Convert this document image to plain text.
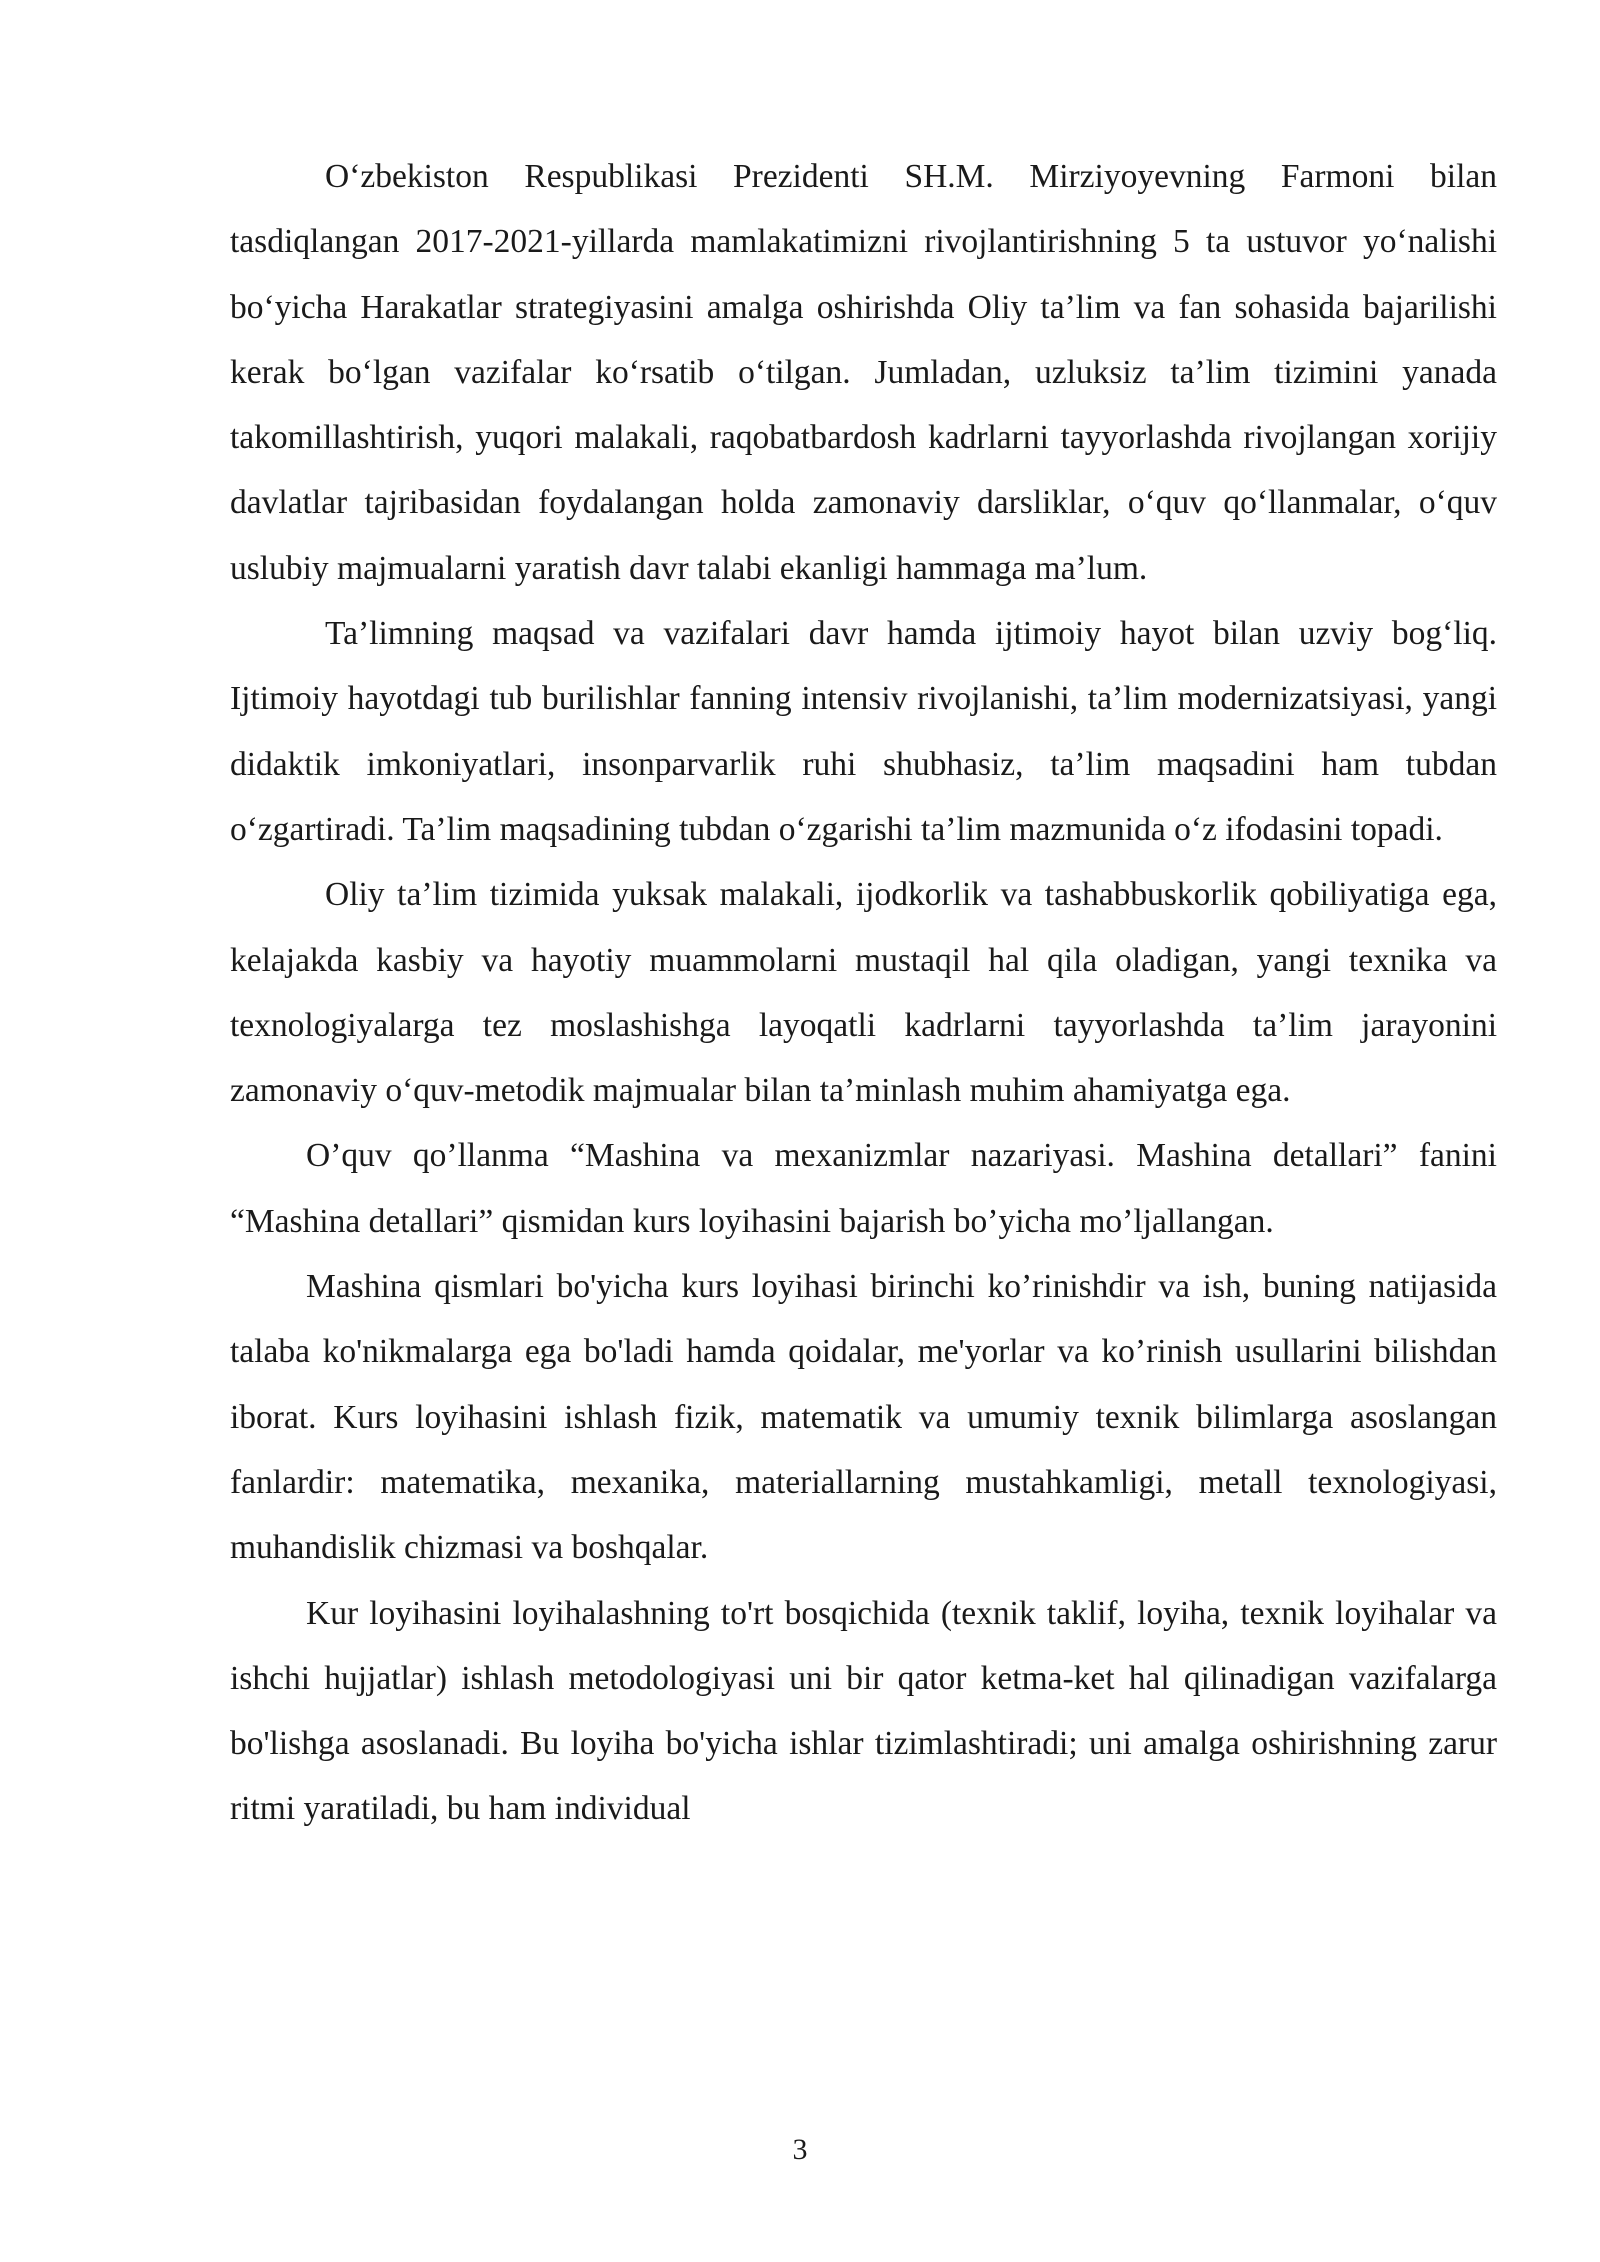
O‘zbekiston Respublikasi Prezidenti SH.M. Mirziyoyevning Farmoni bilan tasdiqlangan 2017-2021-yillarda mamlakatimizni rivojlantirishning 5 ta ustuvor yo‘nalishi bo‘yicha Harakatlar strategiyasini amalga oshirishda Oliy ta’lim va fan sohasida bajarilishi kerak bo‘lgan vazifalar ko‘rsatib o‘tilgan. Jumladan, uzluksiz ta’lim tizimini yanada takomillashtirish, yuqori malakali, raqobatbardosh kadrlarni tayyorlashda rivojlangan xorijiy davlatlar tajribasidan foydalangan holda zamonaviy darsliklar, o‘quv qo‘llanmalar, o‘quv uslubiy majmualarni yaratish davr talabi ekanligi hammaga ma’lum.

Ta’limning maqsad va vazifalari davr hamda ijtimoiy hayot bilan uzviy bog‘liq. Ijtimoiy hayotdagi tub burilishlar fanning intensiv rivojlanishi, ta’lim modernizatsiyasi, yangi didaktik imkoniyatlari, insonparvarlik ruhi shubhasiz, ta’lim maqsadini ham tubdan o‘zgartiradi. Ta’lim maqsadining tubdan o‘zgarishi ta’lim mazmunida o‘z ifodasini topadi.

Oliy ta’lim tizimida yuksak malakali, ijodkorlik va tashabbuskorlik qobiliyatiga ega, kelajakda kasbiy va hayotiy muammolarni mustaqil hal qila oladigan, yangi texnika va texnologiyalarga tez moslashishga layoqatli kadrlarni tayyorlashda ta’lim jarayonini zamonaviy o‘quv-metodik majmualar bilan ta’minlash muhim ahamiyatga ega.

O’quv qo’llanma “Mashina va mexanizmlar nazariyasi. Mashina detallari” fanini “Mashina detallari” qismidan kurs loyihasini bajarish bo’yicha mo’ljallangan.

Mashina qismlari bo'yicha kurs loyihasi birinchi ko’rinishdir va ish, buning natijasida talaba ko'nikmalarga ega bo'ladi hamda qoidalar, me'yorlar va ko’rinish usullarini bilishdan iborat. Kurs loyihasini ishlash fizik, matematik va umumiy texnik bilimlarga asoslangan fanlardir: matematika, mexanika, materiallarning mustahkamligi, metall texnologiyasi, muhandislik chizmasi va boshqalar.

Kur loyihasini loyihalashning to'rt bosqichida (texnik taklif, loyiha, texnik loyihalar va ishchi hujjatlar) ishlash metodologiyasi uni bir qator ketma-ket hal qilinadigan vazifalarga bo'lishga asoslanadi. Bu loyiha bo'yicha ishlar tizimlashtiradi; uni amalga oshirishning zarur ritmi yaratiladi, bu ham individual

3
